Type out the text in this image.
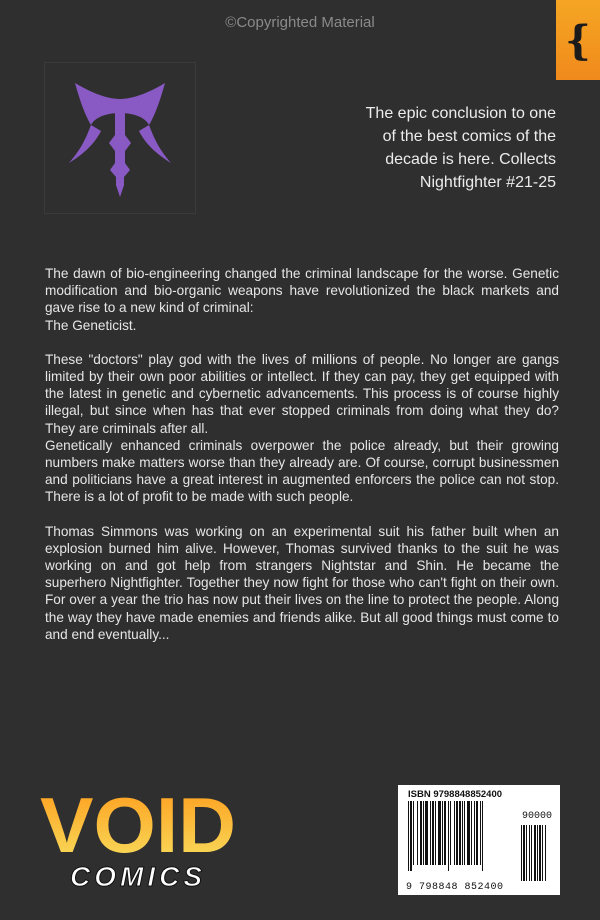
©Copyrighted Material	{
The epic conclusion to one of the best comics of the decade is here. Collects Nightfighter #21-25

The dawn of bio-engineering changed the criminal landscape for the worse. Genetic modification and bio-organic weapons have revolutionized the black markets and gave rise to a new kind of criminal:
The Geneticist.

These "doctors" play god with the lives of millions of people. No longer are gangs limited by their own poor abilities or intellect. If they can pay, they get equipped with the latest in genetic and cybernetic advancements. This process is of course highly illegal, but since when has that ever stopped criminals from doing what they do? They are criminals after all.
Genetically enhanced criminals overpower the police already, but their growing numbers make matters worse than they already are. Of course, corrupt businessmen and politicians have a great interest in augmented enforcers the police can not stop. There is a lot of profit to be made with such people.

Thomas Simmons was working on an experimental suit his father built when an explosion burned him alive. However, Thomas survived thanks to the suit he was working on and got help from strangers Nightstar and Shin. He became the superhero Nightfighter. Together they now fight for those who can't fight on their own. For over a year the trio has now put their lives on the line to protect the people. Along the way they have made enemies and friends alike. But all good things must come to and end eventually...

VOID
COMICS
ISBN 9798848852400
90000
9 798848 852400
